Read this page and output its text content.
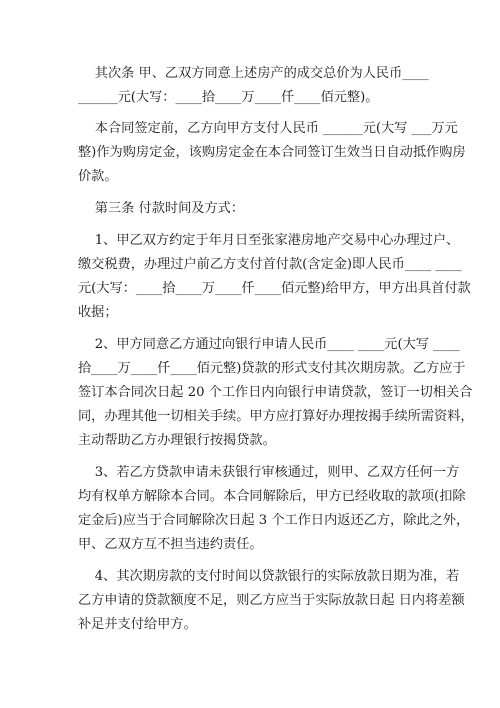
其次条 甲、乙双方同意上述房产的成交总价为人民币____
______元(大写：____拾____万____仟____佰元整)。
本合同签定前，乙方向甲方支付人民币 ______元(大写 ___万元
整)作为购房定金，该购房定金在本合同签订生效当日自动抵作购房
价款。
第三条 付款时间及方式：
1、甲乙双方约定于年月日至张家港房地产交易中心办理过户、
缴交税费，办理过户前乙方支付首付款(含定金)即人民币____ ____
元(大写：____拾____万____仟____佰元整)给甲方，甲方出具首付款
收据；
2、甲方同意乙方通过向银行申请人民币____ ____元(大写 ____
拾____万____仟____佰元整)贷款的形式支付其次期房款。乙方应于
签订本合同次日起 20 个工作日内向银行申请贷款，签订一切相关合
同，办理其他一切相关手续。甲方应打算好办理按揭手续所需资料，
主动帮助乙方办理银行按揭贷款。
3、若乙方贷款申请未获银行审核通过，则甲、乙双方任何一方
均有权单方解除本合同。本合同解除后，甲方已经收取的款项(扣除
定金后)应当于合同解除次日起 3 个工作日内返还乙方，除此之外，
甲、乙双方互不担当违约责任。
4、其次期房款的支付时间以贷款银行的实际放款日期为准，若
乙方申请的贷款额度不足，则乙方应当于实际放款日起 日内将差额
补足并支付给甲方。
